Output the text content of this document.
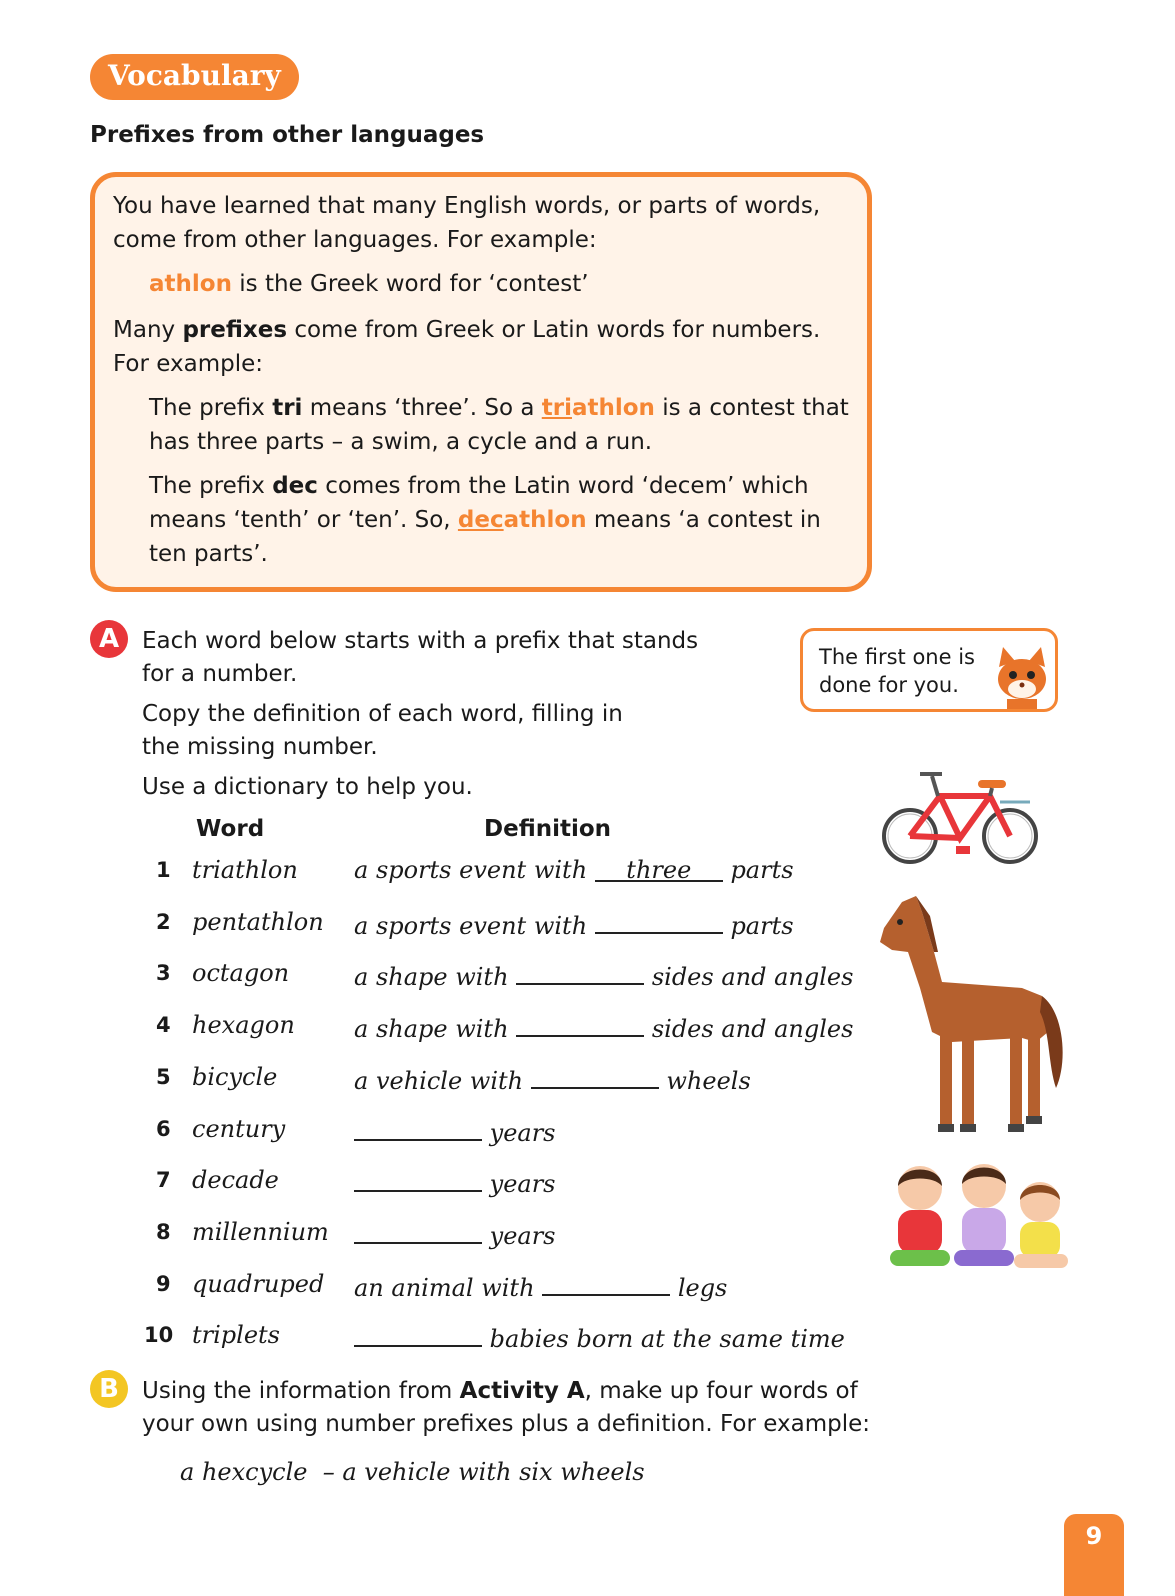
Vocabulary
Prefixes from other languages
You have learned that many English words, or parts of words,
come from other languages. For example:
athlon is the Greek word for ‘contest’
Many prefixes come from Greek or Latin words for numbers.
For example:
The prefix tri means ‘three’. So a triathlon is a contest that
has three parts – a swim, a cycle and a run.
The prefix dec comes from the Latin word ‘decem’ which
means ‘tenth’ or ‘ten’. So, decathlon means ‘a contest in
ten parts’.
A Each word below starts with a prefix that stands
for a number.
Copy the definition of each word, filling in
the missing number.
Use a dictionary to help you.
The first one is
done for you.
Word	Definition
1 triathlon a sports event with three parts
2 pentathlon a sports event with	parts
3 octagon	a shape with	sides and angles
4 hexagon a shape with	sides and angles
5 bicycle	a vehicle with	wheels
6 century	years
7 decade	years
8 millennium	years
9 quadruped an animal with	legs
10 triplets	babies born at the same time
B	Using the information from Activity A, make up four words of
your own using number prefixes plus a definition. For example:
a hexcycle  – a vehicle with six wheels
9
